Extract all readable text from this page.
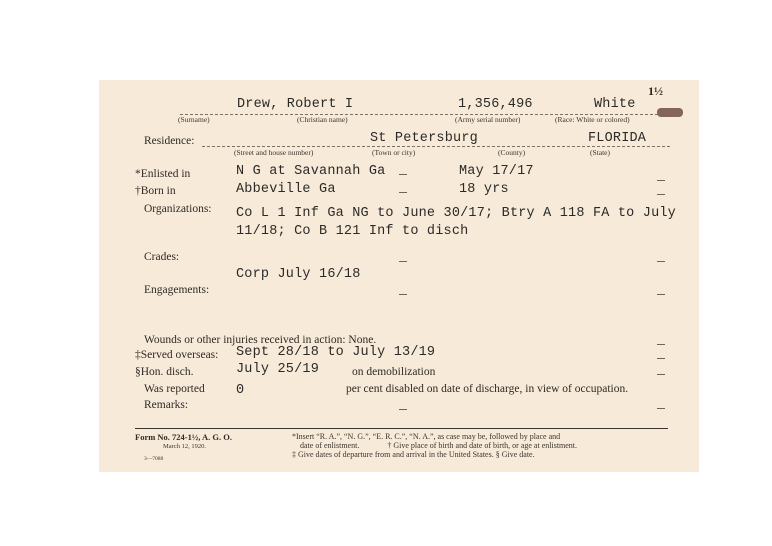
1½
Drew, Robert I	1,356,496	White
(Surname)	(Christian name)	(Army serial number)	(Race: White or colored)
Residence:	St Petersburg	FLORIDA
(Street and house number)	(Town or city)	(County)	(State)
*Enlisted in	N G at Savannah Ga	May 17/17
†Born in	Abbeville Ga	18 yrs
Organizations: Co L 1 Inf Ga NG to June 30/17; Btry A 118 FA to July
11/18; Co B 121 Inf to disch
Crades:
Corp July 16/18
Engagements:
Wounds or other injuries received in action: None.
‡Served overseas: Sept 28/18 to July 13/19
§Hon. disch.	July 25/19	on demobilization
Was reported 0	per cent disabled on date of discharge, in view of occupation.
Remarks:
Form No. 724-1½, A. G. O.
March 12, 1920.
3—7088
*Insert “R. A.”, “N. G.”, “E. R. C.”, “N. A.”, as case may be, followed by place and
date of enlistment.              † Give place of birth and date of birth, or age at enlistment.
‡ Give dates of departure from and arrival in the United States. § Give date.
